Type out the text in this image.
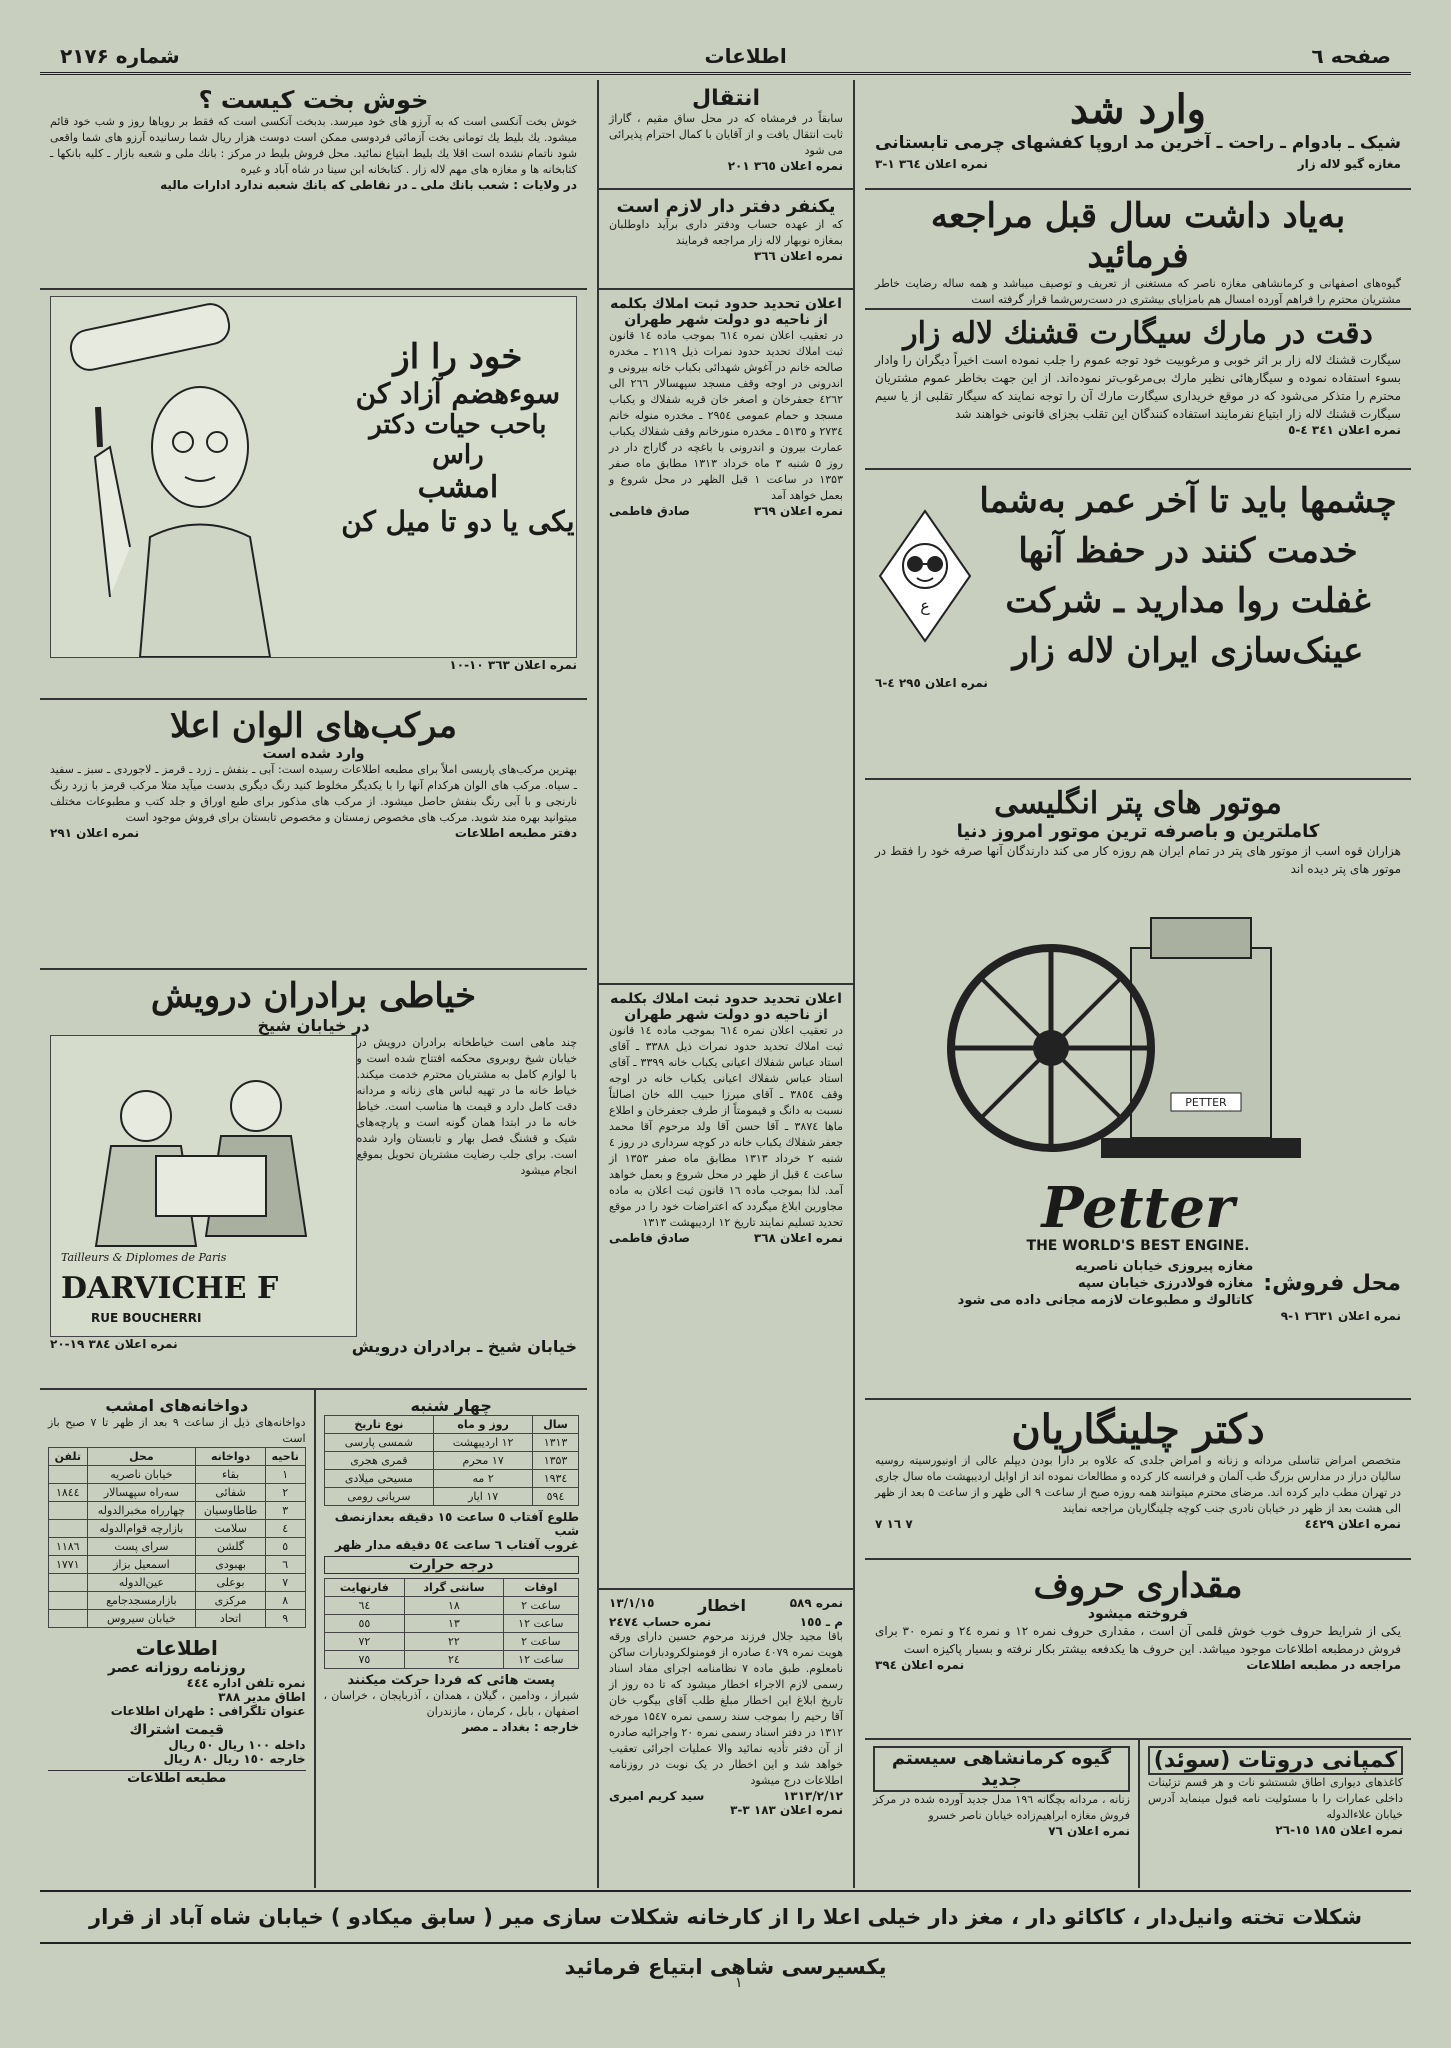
صفحه ٦
اطلاعات
شماره ۲۱۷۶
وارد شد
شیک ـ بادوام ـ راحت ـ آخرین مد اروپا کفشهای چرمی تابستانی
مغازه گیو لاله زار
نمره اعلان ۳٦٤ ۱-۳
به‌یاد داشت سال قبل مراجعه فرمائید
گیوه‌های اصفهانی و کرمانشاهی مغازه ناصر که مستغنی از تعریف و توصیف میباشد و همه ساله رضایت خاطر مشتریان محترم را فراهم آورده امسال هم بامزایای بیشتری در دست‌رس‌شما قرار گرفته است
دقت در مارك سیگارت قشنك لاله زار
سیگارت قشنك لاله زار بر اثر خوبی و مرغوبیت خود توجه عموم را جلب نموده است اخیراً دیگران را وادار بسوء استفاده نموده و سیگارهائی نظیر مارك بی‌مرغوب‌تر نموده‌اند. از این جهت بخاطر عموم مشتریان محترم را متذکر می‌شود که در موقع خریداری سیگارت مارك آن را توجه نمایند که سیگار تقلبی از یا سیم سیگارت قشنك لاله زار ابتیاع نفرمایند استفاده کنندگان این تقلب بجزای قانونی خواهند شد
نمره اعلان ۳٤۱ ٤-٥
چشمها باید تا آخر عمر به‌شما
خدمت کنند در حفظ آنها
غفلت روا مدارید ـ شرکت
عینک‌سازی ایران لاله زار
ع
نمره اعلان ۲۹٥ ٤-٦
موتور های پتر انگلیسی
کاملترین و باصرفه ترین موتور امروز دنیا
هزاران قوه اسب از موتور های پتر در تمام ایران هم روزه کار می کند دارندگان آنها صرفه خود را فقط در موتور های پتر دیده اند
PETTER
Petter
THE WORLD'S BEST ENGINE.
محل فروش:
مغازه پیروزی خیابان ناصریه
مغازه فولادرزی خیابان سپه
کاتالوك و مطبوعات لازمه مجانی داده می شود
نمره اعلان ۳٦۳۱ ۱-۹
دکتر چلینگاریان
متخصص امراض تناسلی مردانه و زنانه و امراض جلدی که علاوه بر دارا بودن دیپلم عالی از اونیورسیته روسیه سالیان دراز در مدارس بزرگ طب آلمان و فرانسه کار کرده و مطالعات نموده اند از اوایل اردیبهشت ماه سال جاری در تهران مطب دایر کرده اند. مرضای محترم میتوانند همه روزه صبح از ساعت ۹ الی ظهر و از ساعت ۵ بعد از ظهر الی هشت بعد از ظهر در خیابان نادری جنب کوچه چلینگاریان مراجعه نمایند
نمره اعلان ٤٤۲۹
۷ ۱٦ ۷
مقداری حروف
فروخته میشود
یکی از شرایط حروف خوب خوش قلمی آن است ، مقداری حروف نمره ۱۲ و نمره ۲٤ و نمره ۳۰ برای فروش درمطبعه اطلاعات موجود میباشد. این حروف ها یکدفعه بیشتر بکار نرفته و بسیار پاکیزه است
مراجعه در مطبعه اطلاعات
نمره اعلان ۳۹٤
کمپانی دروتات (سوئد)
کاغذهای دیواری اطاق شستشو نات و هر قسم تزئینات داخلی عمارات را با مسئولیت نامه قبول مینماید آدرس خیابان علاءالدوله
نمره اعلان ۱۸٥ ١٥-٢٦
گیوه کرمانشاهی سیستم جدید
زنانه ، مردانه بچگانه ۱۹٦ مدل جدید آورده شده در مرکز فروش مغازه ابراهیم‌زاده خیابان ناصر خسرو
نمره اعلان ۷٦
انتقال
سابقاً در فرمشاه که در محل ساق مقیم ، گاراژ ثابت انتقال یافت و از آقایان با کمال احترام پذیرائی می شود
نمره اعلان ۳٦٥ ۲۰۱
یکنفر دفتر دار لازم است
که از عهده حساب ودفتر داری برآید داوطلبان بمغازه نوبهار لاله زار مراجعه فرمایند
نمره اعلان ۳٦٦
اعلان تحدید حدود ثبت املاك بکلمه از ناحیه دو دولت شهر طهران
در تعقیب اعلان نمره ٦۱٤ بموجب ماده ۱٤ قانون ثبت املاك تحدید حدود نمرات ذیل ۲۱۱۹ ـ مخدره صالحه خانم در آغوش شهدائی بکباب خانه بیرونی و اندرونی در اوجه وقف مسجد سپهسالار ۲٦٦ الی ٤۲٦۲ جعفرخان و اصغر خان قریه شفلاك و یکباب مسجد و حمام عمومی ۲۹٥٤ ـ مخدره منوله خانم ۲۷۳٤ و ۵۱۳٥ ـ مخدره منورخانم وقف شفلاك یکباب عمارت بیرون و اندرونی با باغچه در گاراج دار در روز ۵ شنبه ۳ ماه خرداد ۱۳۱۳ مطابق ماه صفر ۱۳۵۳ در ساعت ۱ قبل الظهر در محل شروع و بعمل خواهد آمد
نمره اعلان ۳٦۹
صادق فاطمی
اعلان تحدید حدود ثبت املاك بکلمه از ناحیه دو دولت شهر طهران
در تعقیب اعلان نمره ٦۱٤ بموجب ماده ۱٤ قانون ثبت املاك تحدید حدود نمرات ذیل ۳۳۸۸ ـ آقای استاد عباس شفلاك اعیانی یکباب خانه ۳۳۹۹ ـ آقای استاد عباس شفلاك اعیانی یکباب خانه در اوجه وقف ۳۸٥٤ ـ آقای میرزا حبیب الله خان اصالتاً نسبت به دانگ و قیمومتاً از طرف جعفرخان و اطلاع ماها ۳۸۷٤ ـ آقا حسن آقا ولد مرحوم آقا محمد جعفر شفلاك یکباب خانه در کوچه سرداری در روز ٤ شنبه ۲ خرداد ۱۳۱۳ مطابق ماه صفر ۱۳۵۳ از ساعت ٤ قبل از ظهر در محل شروع و بعمل خواهد آمد. لذا بموجب ماده ۱٦ قانون ثبت اعلان به ماده مجاورین ابلاغ میگردد که اعتراضات خود را در موقع تحدید تسلیم نمایند تاریخ ۱۲ اردیبهشت ۱۳۱۳
نمره اعلان ۳٦۸
صادق فاطمی
نمره ۵۸۹
اخطار
۱۳/۱/۱٥
م ـ ۱٥٥
نمره حساب ۲٤۷٤
باقا مجید جلال فرزند مرحوم حسین دارای ورقه هویت نمره ٤۰۷۹ صادره از فومنولکرودبارات ساکن نامعلوم. طبق ماده ۷ نظامنامه اجرای مفاد اسناد رسمی لازم الاجراء اخطار میشود که تا ده روز از تاریخ ابلاغ این اخطار مبلغ طلب آقای بیگوب خان آقا رحیم را بموجب سند رسمی نمره ۱۵٤۷ مورخه ۱۳۱۲ در دفتر اسناد رسمی نمره ۲۰ واجرائیه صادره از آن دفتر تأدیه نمائید والا عملیات اجرائی تعقیب خواهد شد و این اخطار در یک نوبت در روزنامه اطلاعات درج میشود
۱۳۱۳/۲/۱۲
سید کریم امیری
نمره اعلان ۱۸۳ ۳-۳
خوش بخت کیست ؟
خوش بخت آنکسی است که به آرزو های خود میرسد. بدبخت آنکسی است که فقط بر رویاها روز و شب خود قائم میشود. یك بلیط یك تومانی بخت آزمائی فردوسی ممکن است دوست هزار ریال شما رسانیده آرزو های شما واقعی شود ناتمام نشده است اقلا يك بليط ابتياع نمائيد. محل فروش بلیط در مرکز : بانك ملی و شعبه بازار ـ کلیه بانکها ـ کتابخانه ها و مغازه های مهم لاله زار . کتابخانه ابن سینا در شاه آباد و غیره
در ولایات : شعب بانك ملی ـ در نقاطی که بانك شعبه ندارد ادارات مالیه
خود را از
سوءهضم آزاد کن
باحب حیات دکتر راس
امشب
یکی یا دو تا میل کن
نمره اعلان ۳٦۳ ۱۰-۱۰
مرکب‌های الوان اعلا
وارد شده است
بهترین مرکب‌های پاریسی املاً برای مطبعه اطلاعات رسیده است: آبی ـ بنفش ـ زرد ـ قرمز ـ لاجوردی ـ سبز ـ سفید ـ سیاه. مرکب های الوان هرکدام آنها را با یکدیگر مخلوط کنید رنگ دیگری بدست میآید متلا مرکب قرمز با زرد رنگ نارنجی و با آبی رنگ بنفش حاصل میشود. از مرکب های مذکور برای طبع اوراق و جلد کتب و مطبوعات مختلف میتوانید بهره مند شوید. مرکب های مخصوص زمستان و مخصوص تابستان برای فروش موجود است
دفتر مطبعه اطلاعات
نمره اعلان ۲۹۱
خیاطی برادران درویش
در خیابان شیخ
چند ماهی است خیاطخانه برادران درویش در خیابان شیخ روبروی محکمه افتتاح شده است و با لوازم کامل به مشتریان محترم خدمت میکند. خیاط خانه ما در تهیه لباس های زنانه و مردانه دقت کامل دارد و قیمت ها مناسب است. خیاط خانه ما در ابتدا همان گونه است و پارچه‌های شیک و قشنگ فصل بهار و تابستان وارد شده است. برای جلب رضایت مشتریان تحویل بموقع انجام میشود
Tailleurs & Diplomes de Paris
DARVICHE F
RUE BOUCHERRI
خیابان شیخ ـ برادران درویش
نمره اعلان ۳۸٤ ۱۹-۲۰
چهار شنبه
سال	روز و ماه	نوع تاریخ
۱۳۱۳	۱۲ اردیبهشت	شمسی پارسی
۱۳۵۳	۱۷ محرم	قمری هجری
۱۹۳٤	۲ مه	مسیحی میلادی
٥۹٤	۱۷ ایار	سریانی رومی
طلوع آفتاب ٥ ساعت ١٥ دقیقه بعدازنصف شب
غروب آفتاب ٦ ساعت ٥٤ دقیقه مدار ظهر
درجه حرارت
اوقات	سانتی گراد	فارنهایت
ساعت ۲	۱۸	٦٤
ساعت ۱۲	۱۳	٥٥
ساعت ۲	۲۲	۷۲
ساعت ۱۲	۲٤	۷٥
پست هائی که فردا حرکت میکنند
شیراز ، ودامین ، گیلان ، همدان ، آذربایجان ، خراسان ، اصفهان ، بابل ، کرمان ، مازندران
خارجه : بغداد ـ مصر
دواخانه‌های امشب
دواخانه‌های ذیل از ساعت ۹ بعد از ظهر تا ۷ صبح باز است
ناحیه	دواخانه	محل	تلفن
۱	بقاء	خیابان ناصریه	
۲	شفائی	سه‌راه سپهسالار	۱۸٤٤
۳	طاطاوسیان	چهارراه مخبرالدوله	
٤	سلامت	بازارچه قوام‌الدوله	
٥	گلشن	سرای پست	۱۱۸٦
٦	بهبودی	اسمعیل بزاز	۱۷۷۱
۷	بوعلی	عین‌الدوله	
۸	مرکزی	بازارمسجدجامع	
۹	اتحاد	خیابان سیروس	
اطلاعات
روزنامه روزانه عصر
نمره تلفن اداره ٤٤٤
اطاق مدیر ۳۸۸
عنوان تلگرافی : طهران اطلاعات
قیمت اشتراك
داخله ۱۰۰ ریال ٥۰ ریال
خارجه ۱٥۰ ریال ۸۰ ریال
مطبعه اطلاعات
شکلات تخته وانیل‌دار ، کاکائو دار ، مغز دار خیلی اعلا را از کارخانه شکلات سازی میر ( سابق میکادو ) خیابان شاه آباد از قرار یکسیرسی شاهی ابتیاع فرمائید
۱
